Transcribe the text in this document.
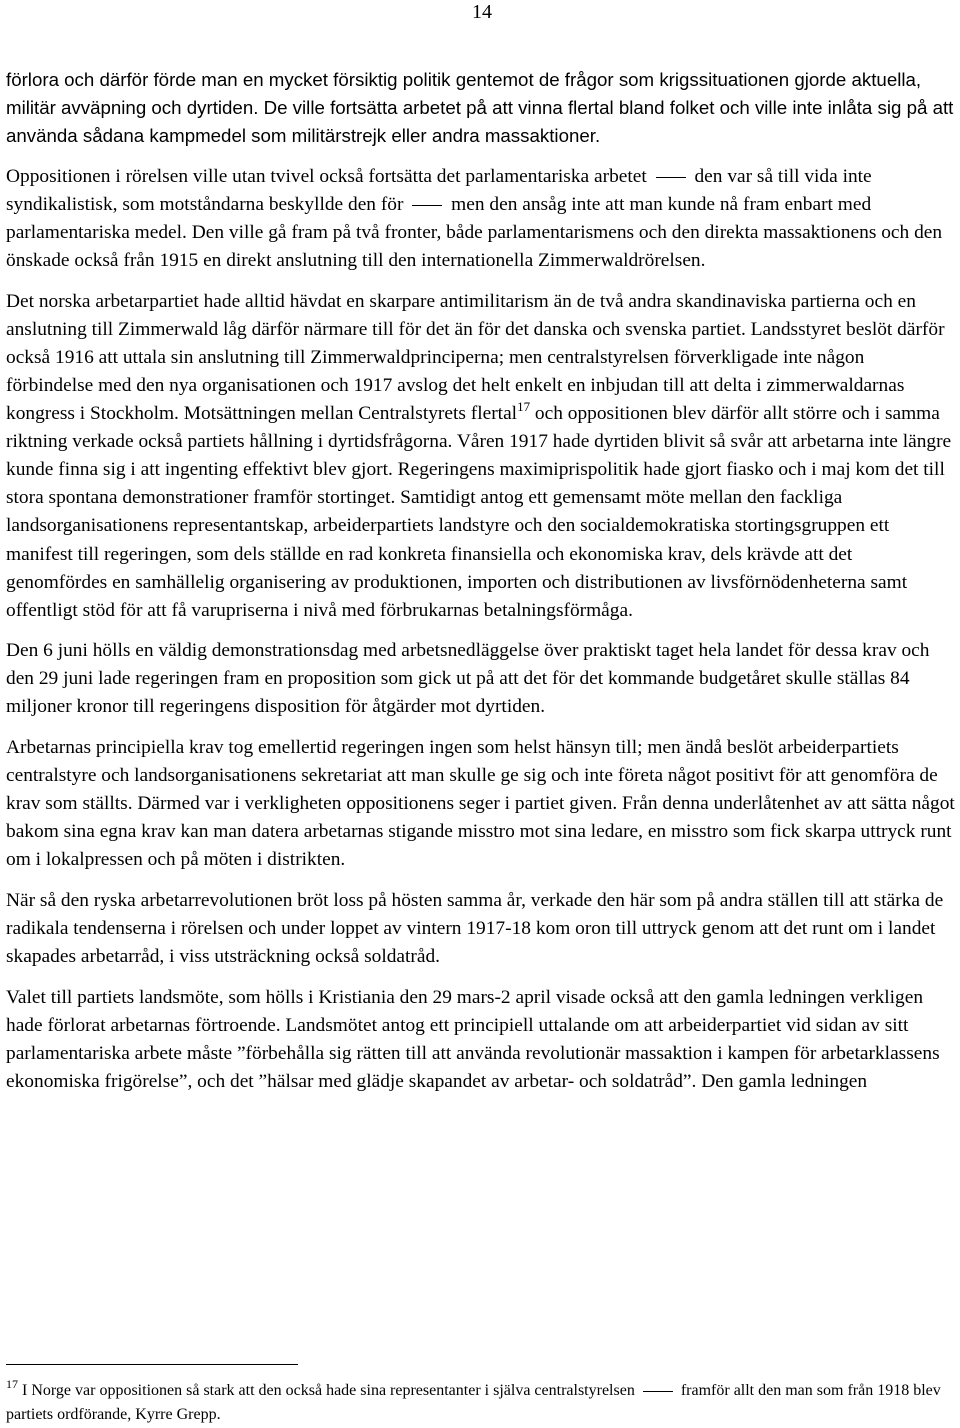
14

förlora och därför förde man en mycket försiktig politik gentemot de frågor som krigssituationen gjorde aktuella, militär avväpning och dyrtiden. De ville fortsätta arbetet på att vinna flertal bland folket och ville inte inlåta sig på att använda sådana kampmedel som militärstrejk eller andra massaktioner.

Oppositionen i rörelsen ville utan tvivel också fortsätta det parlamentariska arbetet den var så till vida inte syndikalistisk, som motståndarna beskyllde den för men den ansåg inte att man kunde nå fram enbart med parlamentariska medel. Den ville gå fram på två fronter, både parlamentarismens och den direkta massaktionens och den önskade också från 1915 en direkt anslutning till den internationella Zimmerwaldrörelsen.

Det norska arbetarpartiet hade alltid hävdat en skarpare antimilitarism än de två andra skandinaviska partierna och en anslutning till Zimmerwald låg därför närmare till för det än för det danska och svenska partiet. Landsstyret beslöt därför också 1916 att uttala sin anslutning till Zimmerwaldprinciperna; men centralstyrelsen förverkligade inte någon förbindelse med den nya organisationen och 1917 avslog det helt enkelt en inbjudan till att delta i zimmerwaldarnas kongress i Stockholm. Motsättningen mellan Centralstyrets flertal$^{17}$ och oppositionen blev därför allt större och i samma riktning verkade också partiets hållning i dyrtidsfrågorna. Våren 1917 hade dyrtiden blivit så svår att arbetarna inte längre kunde finna sig i att ingenting effektivt blev gjort. Regeringens maximiprispolitik hade gjort fiasko och i maj kom det till stora spontana demonstrationer framför stortinget. Samtidigt antog ett gemensamt möte mellan den fackliga landsorganisationens representantskap, arbeiderpartiets landstyre och den socialdemokratiska stortingsgruppen ett manifest till regeringen, som dels ställde en rad konkreta finansiella och ekonomiska krav, dels krävde att det genomfördes en samhällelig organisering av produktionen, importen och distributionen av livsförnödenheterna samt offentligt stöd för att få varupriserna i nivå med förbrukarnas betalningsförmåga.

Den 6 juni hölls en väldig demonstrationsdag med arbetsnedläggelse över praktiskt taget hela landet för dessa krav och den 29 juni lade regeringen fram en proposition som gick ut på att det för det kommande budgetåret skulle ställas 84 miljoner kronor till regeringens disposition för åtgärder mot dyrtiden.

Arbetarnas principiella krav tog emellertid regeringen ingen som helst hänsyn till; men ändå beslöt arbeiderpartiets centralstyre och landsorganisationens sekretariat att man skulle ge sig och inte företa något positivt för att genomföra de krav som ställts. Därmed var i verkligheten oppositionens seger i partiet given. Från denna underlåtenhet av att sätta något bakom sina egna krav kan man datera arbetarnas stigande misstro mot sina ledare, en misstro som fick skarpa uttryck runt om i lokalpressen och på möten i distrikten.

När så den ryska arbetarrevolutionen bröt loss på hösten samma år, verkade den här som på andra ställen till att stärka de radikala tendenserna i rörelsen och under loppet av vintern 1917-18 kom oron till uttryck genom att det runt om i landet skapades arbetarråd, i viss utsträckning också soldatråd.

Valet till partiets landsmöte, som hölls i Kristiania den 29 mars-2 april visade också att den gamla ledningen verkligen hade förlorat arbetarnas förtroende. Landsmötet antog ett principiell uttalande om att arbeiderpartiet vid sidan av sitt parlamentariska arbete måste ”förbehålla sig rätten till att använda revolutionär massaktion i kampen för arbetarklassens ekonomiska frigörelse”, och det ”hälsar med glädje skapandet av arbetar- och soldatråd”. Den gamla ledningen

$^{17}$ I Norge var oppositionen så stark att den också hade sina representanter i själva centralstyrelsen	framför allt den man som från 1918 blev partiets ordförande, Kyrre Grepp.
